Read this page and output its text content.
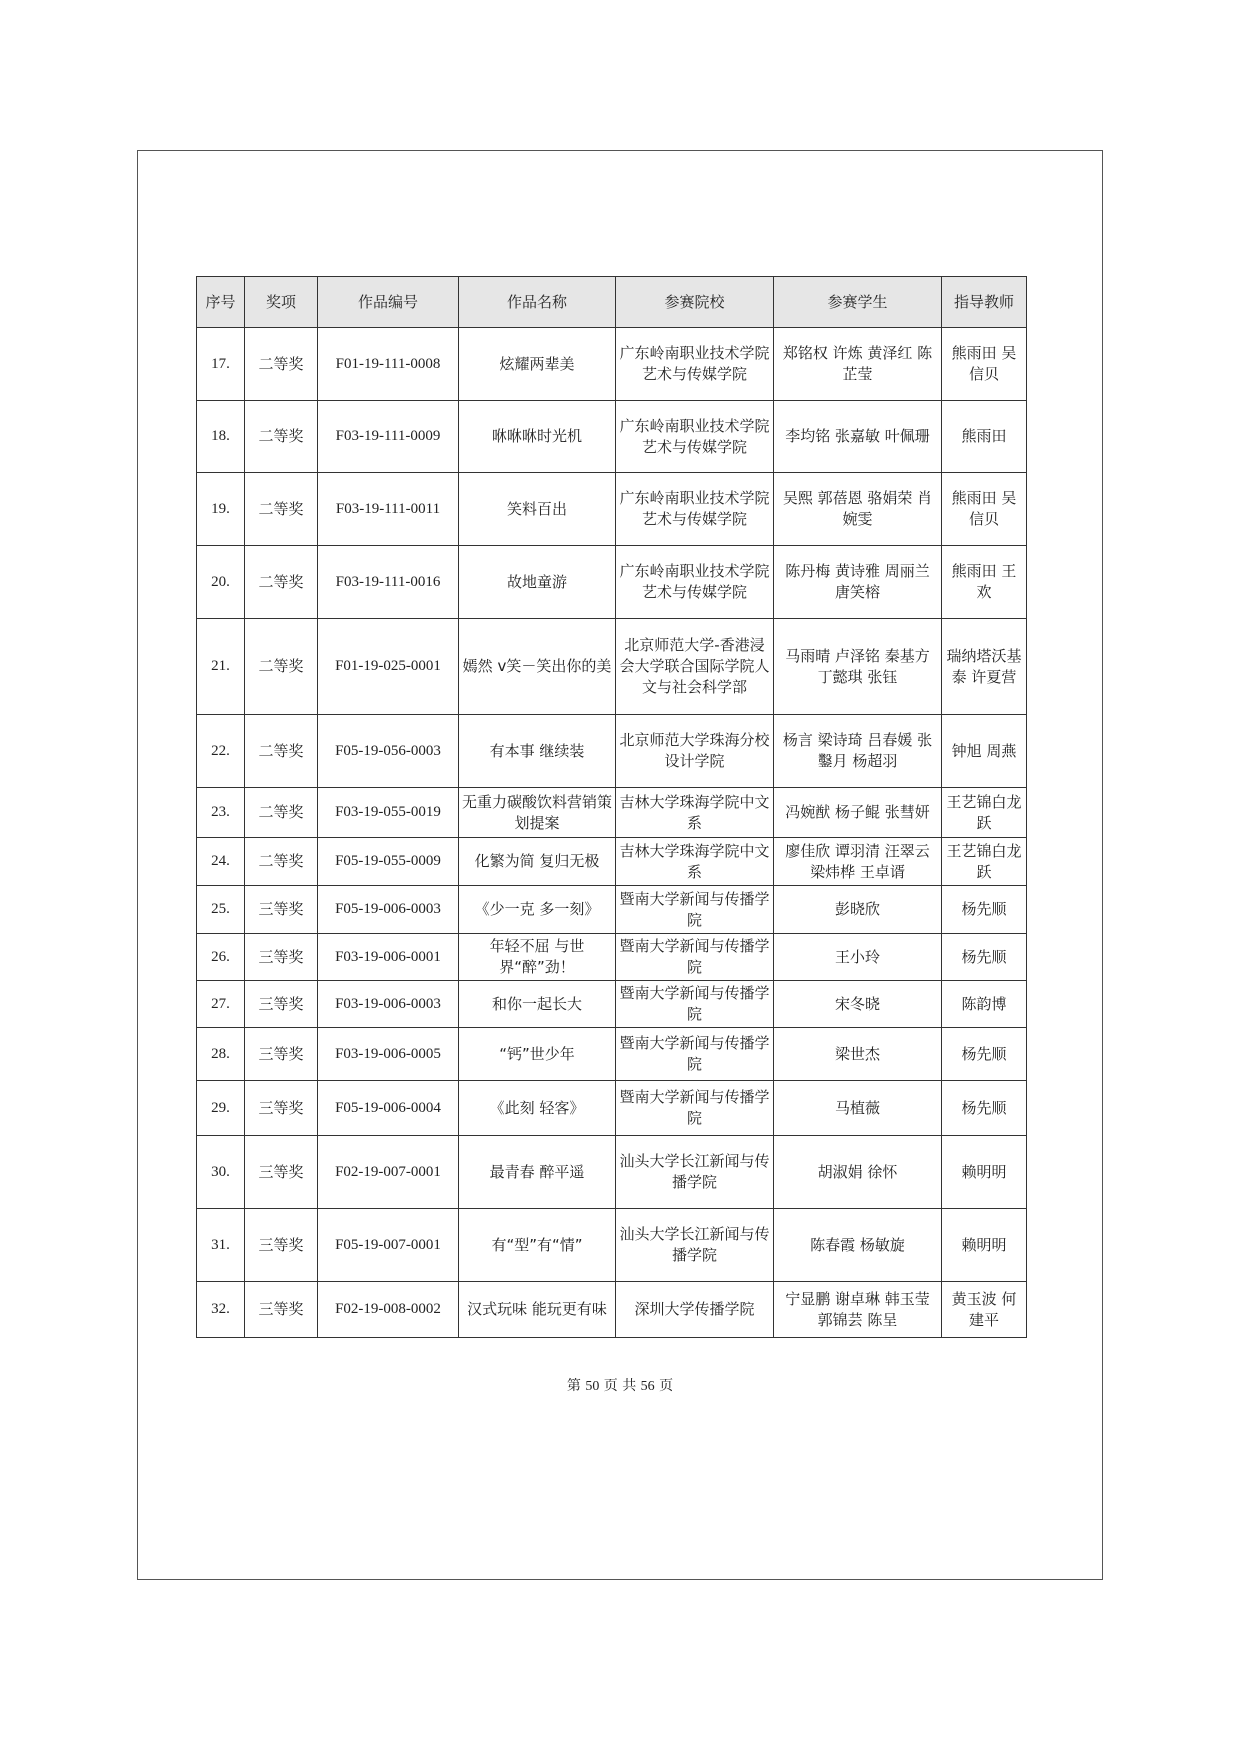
序号	奖项	作品编号	作品名称	参赛院校	参赛学生	指导教师
17.	二等奖	F01-19-111-0008	炫耀两辈美	广东岭南职业技术学院艺术与传媒学院	郑铭权 许炼 黄泽红 陈芷莹	熊雨田 吴信贝
18.	二等奖	F03-19-111-0009	咻咻咻时光机	广东岭南职业技术学院艺术与传媒学院	李均铭 张嘉敏 叶佩珊	熊雨田
19.	二等奖	F03-19-111-0011	笑料百出	广东岭南职业技术学院艺术与传媒学院	吴熙 郭蓓恩 骆娟荣 肖婉雯	熊雨田 吴信贝
20.	二等奖	F03-19-111-0016	故地童游	广东岭南职业技术学院艺术与传媒学院	陈丹梅 黄诗雅 周丽兰 唐笑榕	熊雨田 王欢
21.	二等奖	F01-19-025-0001	嫣然 v笑－笑出你的美	北京师范大学-香港浸会大学联合国际学院人文与社会科学部	马雨晴 卢泽铭 秦基方 丁懿琪 张钰	瑞纳塔沃基泰 许夏营
22.	二等奖	F05-19-056-0003	有本事 继续装	北京师范大学珠海分校设计学院	杨言 梁诗琦 吕春媛 张鑿月 杨超羽	钟旭 周燕
23.	二等奖	F03-19-055-0019	无重力碳酸饮料营销策划提案	吉林大学珠海学院中文系	冯婉猷 杨子鲲 张彗妍	王艺锦白龙跃
24.	二等奖	F05-19-055-0009	化繁为简 复归无极	吉林大学珠海学院中文系	廖佳欣 谭羽清 汪翠云 梁炜桦 王卓谞	王艺锦白龙跃
25.	三等奖	F05-19-006-0003	《少一克 多一刻》	暨南大学新闻与传播学院	彭晓欣	杨先顺
26.	三等奖	F03-19-006-0001	年轻不屈 与世界“醉”劲！	暨南大学新闻与传播学院	王小玲	杨先顺
27.	三等奖	F03-19-006-0003	和你一起长大	暨南大学新闻与传播学院	宋冬晓	陈韵博
28.	三等奖	F03-19-006-0005	“钙”世少年	暨南大学新闻与传播学院	梁世杰	杨先顺
29.	三等奖	F05-19-006-0004	《此刻 轻客》	暨南大学新闻与传播学院	马植薇	杨先顺
30.	三等奖	F02-19-007-0001	最青春 醉平遥	汕头大学长江新闻与传播学院	胡淑娟 徐怀	赖明明
31.	三等奖	F05-19-007-0001	有“型”有“情”	汕头大学长江新闻与传播学院	陈春霞 杨敏旋	赖明明
32.	三等奖	F02-19-008-0002	汉式玩味 能玩更有味	深圳大学传播学院	宁显鹏 谢卓琳 韩玉莹 郭锦芸 陈呈	黄玉波 何建平
第 50 页 共 56 页
